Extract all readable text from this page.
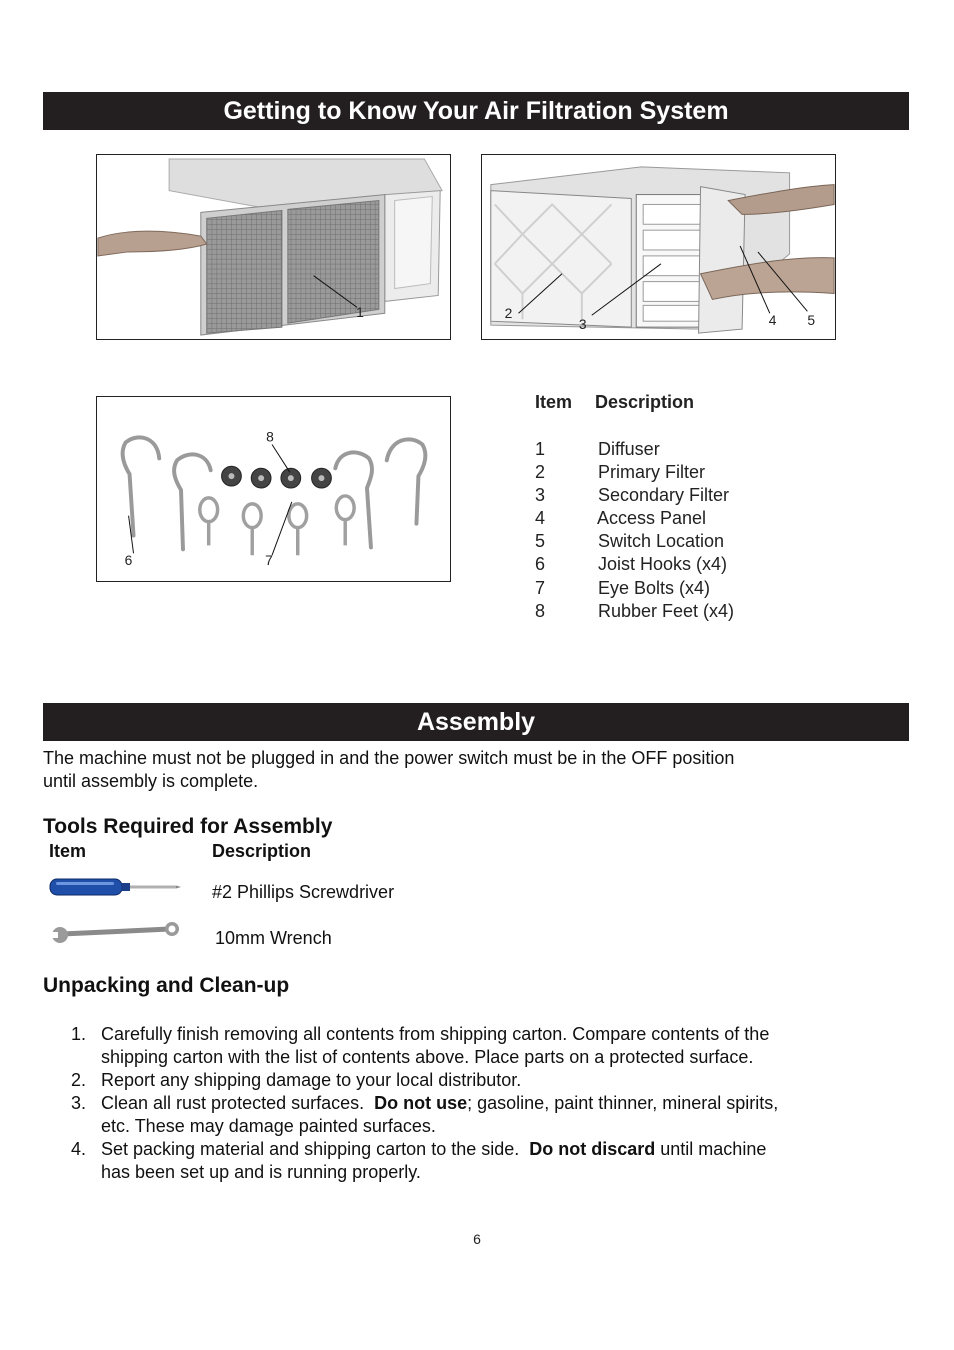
Getting to Know Your Air Filtration System
1	2
3	4 5
8
6	7
Item Description
1	Diffuser
2	Primary Filter
3	Secondary Filter
4	Access Panel
5	Switch Location
6	Joist Hooks (x4)
7	Eye Bolts (x4)
8	Rubber Feet (x4)
Assembly
The machine must not be plugged in and the power switch must be in the OFF position
until assembly is complete.
Tools Required for Assembly
Item	Description
#2 Phillips Screwdriver
10mm Wrench
Unpacking and Clean-up
1. Carefully finish removing all contents from shipping carton. Compare contents of the
shipping carton with the list of contents above. Place parts on a protected surface.
2. Report any shipping damage to your local distributor.
3. Clean all rust protected surfaces.  Do not use; gasoline, paint thinner, mineral spirits,
etc. These may damage painted surfaces.
4. Set packing material and shipping carton to the side.  Do not discard until machine
has been set up and is running properly.
6
